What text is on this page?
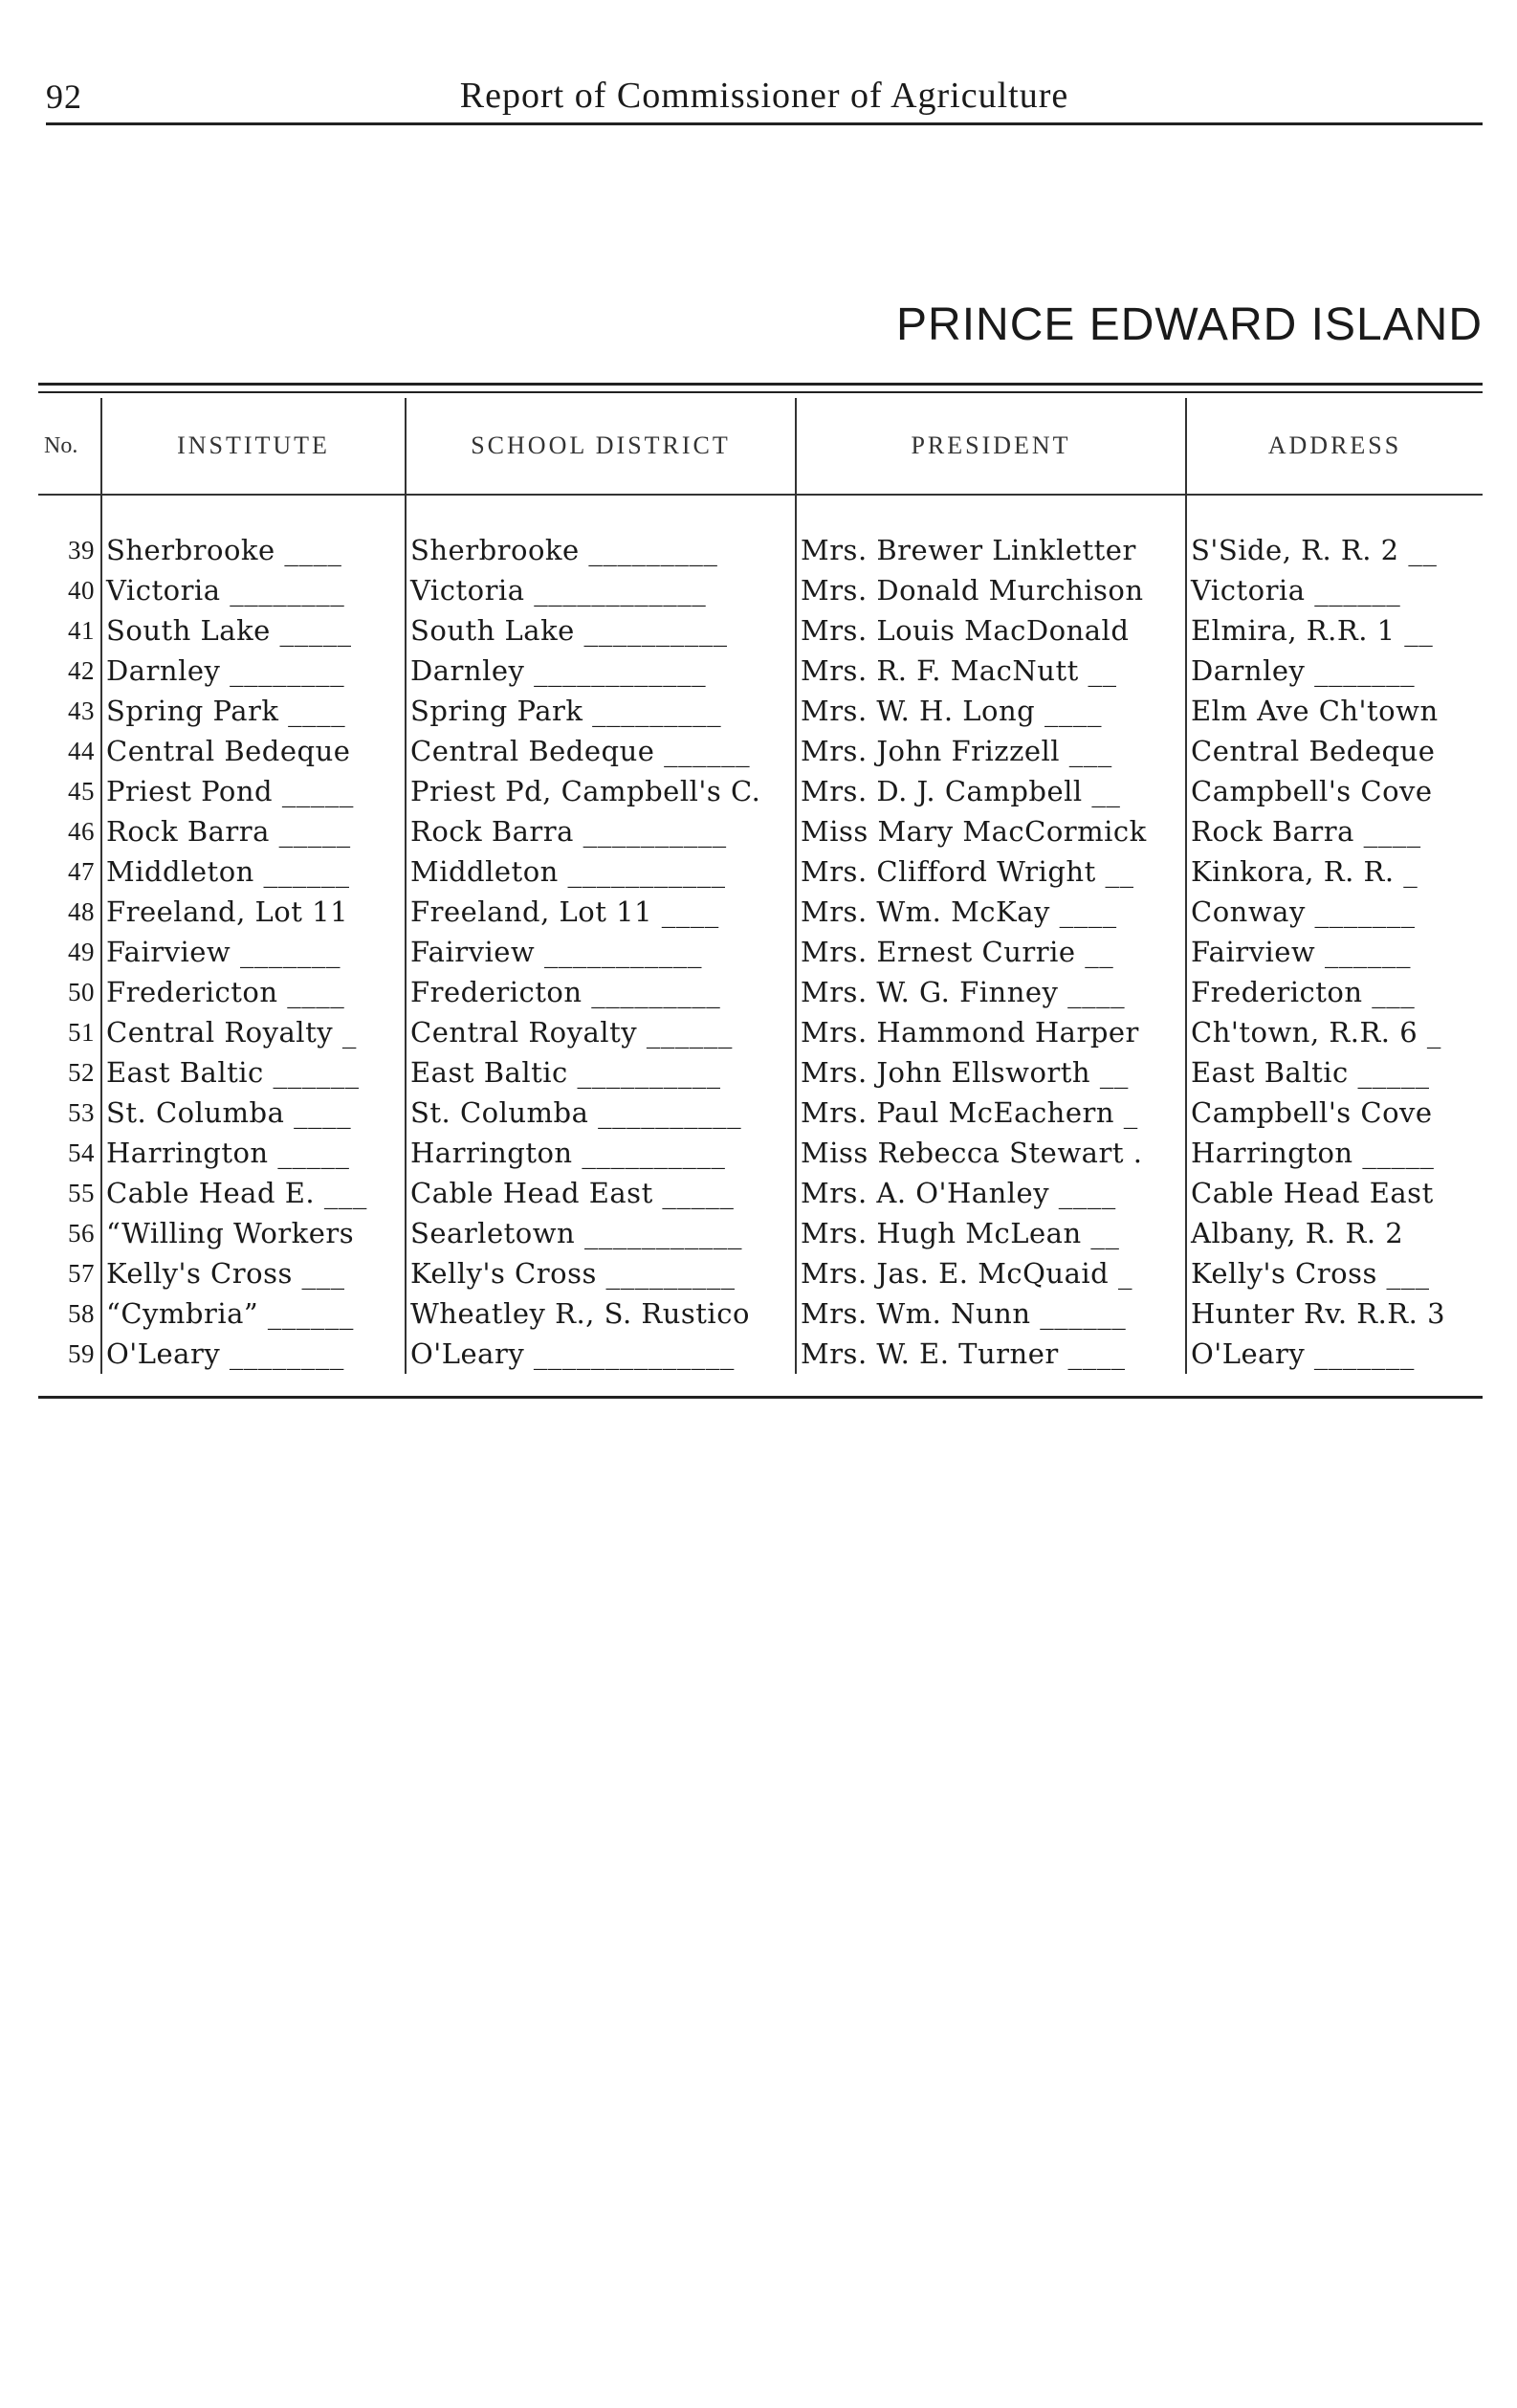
92	Report of Commissioner of Agriculture
PRINCE EDWARD ISLAND
No.	INSTITUTE	SCHOOL DISTRICT	PRESIDENT	ADDRESS

39	Sherbrooke ____	Sherbrooke _________	Mrs. Brewer Linkletter	S'Side, R. R. 2 __
40	Victoria ________	Victoria ____________	Mrs. Donald Murchison	Victoria ______
41	South Lake _____	South Lake __________	Mrs. Louis MacDonald	Elmira, R.R. 1 __
42	Darnley ________	Darnley ____________	Mrs. R. F. MacNutt __	Darnley _______
43	Spring Park ____	Spring Park _________	Mrs. W. H. Long ____	Elm Ave Ch'town
44	Central Bedeque	Central Bedeque ______	Mrs. John Frizzell ___	Central Bedeque
45	Priest Pond _____	Priest Pd, Campbell's C.	Mrs. D. J. Campbell __	Campbell's Cove
46	Rock Barra _____	Rock Barra __________	Miss Mary MacCormick	Rock Barra ____
47	Middleton ______	Middleton ___________	Mrs. Clifford Wright __	Kinkora, R. R. _
48	Freeland, Lot 11	Freeland, Lot 11 ____	Mrs. Wm. McKay ____	Conway _______
49	Fairview _______	Fairview ___________	Mrs. Ernest Currie __	Fairview ______
50	Fredericton ____	Fredericton _________	Mrs. W. G. Finney ____	Fredericton ___
51	Central Royalty _	Central Royalty ______	Mrs. Hammond Harper	Ch'town, R.R. 6 _
52	East Baltic ______	East Baltic __________	Mrs. John Ellsworth __	East Baltic _____
53	St. Columba ____	St. Columba __________	Mrs. Paul McEachern _	Campbell's Cove
54	Harrington _____	Harrington __________	Miss Rebecca Stewart .	Harrington _____
55	Cable Head E. ___	Cable Head East _____	Mrs. A. O'Hanley ____	Cable Head East
56	“Willing Workers	Searletown ___________	Mrs. Hugh McLean __	Albany, R. R. 2
57	Kelly's Cross ___	Kelly's Cross _________	Mrs. Jas. E. McQuaid _	Kelly's Cross ___
58	“Cymbria” ______	Wheatley R., S. Rustico	Mrs. Wm. Nunn ______	Hunter Rv. R.R. 3
59	O'Leary ________	O'Leary ______________	Mrs. W. E. Turner ____	O'Leary _______
